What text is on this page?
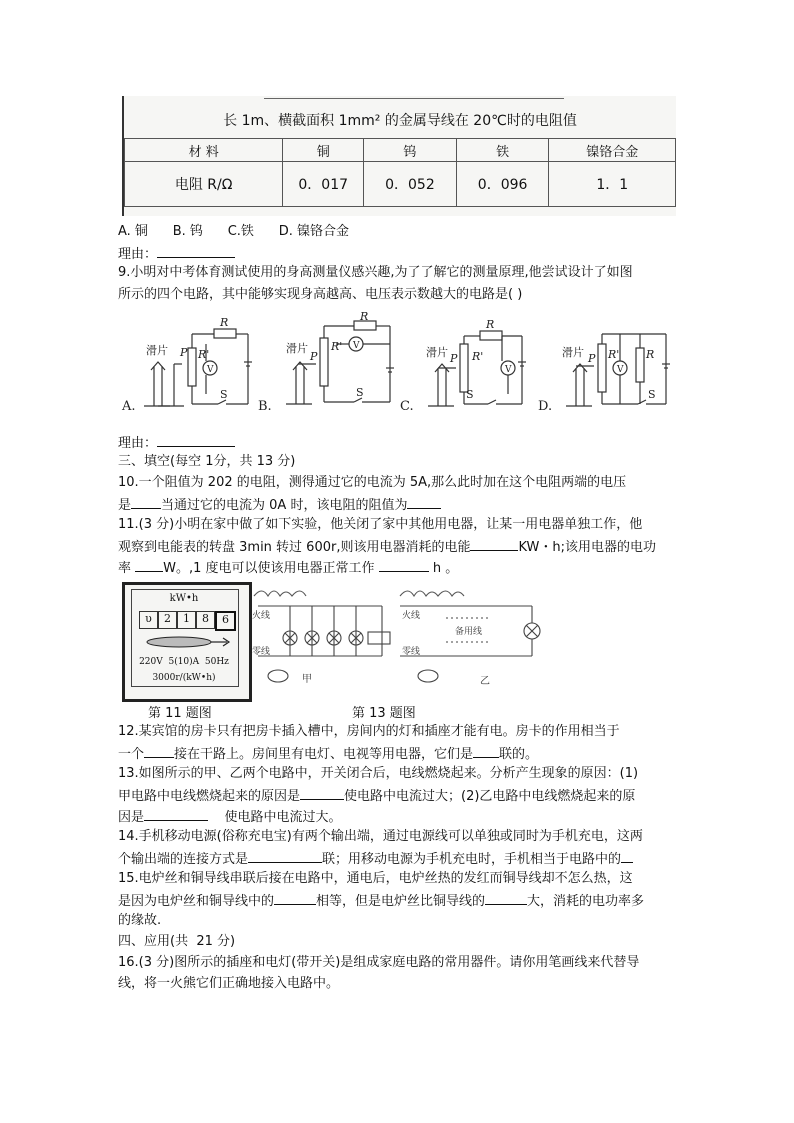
长 1m、横截面积 1mm² 的金属导线在 20℃时的电阻值
材 料	铜	钨	铁	镍铬合金
电阻 R/Ω	0．017	0．052	0．096	1．1
A. 铜      B. 钨      C.铁      D. 镍铬合金
理由：
9.小明对中考体育测试使用的身高测量仪感兴趣,为了了解它的测量原理,他尝试设计了如图
所示的四个电路，其中能够实现身高越高、电压表示数越大的电路是( )
滑片 P R'
R
V
S
A.
滑片
P
R'
R
V
S
B.
滑片 P R'
R
V
S
C.
滑片 P R' R
V
S
D.
理由：
三、填空(每空 1分，共 13 分)
10.一个阻值为 202 的电阻，测得通过它的电流为 5A,那么此时加在这个电阻两端的电压
是 当通过它的电流为 0A 时，该电阻的阻值为
11.(3 分)小明在家中做了如下实验，他关闭了家中其他用电器，让某一用电器单独工作，他
观察到电能表的转盘 3min 转过 600r,则该用电器消耗的电能	KW・h;该用电器的电功
率 W。,1 度电可以使该用电器正常工作	h 。
kW•h
υ	2	1	8	6
220V  5(10)A  50Hz
3000r/(kW•h)
火线
零线
甲
火线
零线
备用线
乙
第 11 题图	第 13 题图
12.某宾馆的房卡只有把房卡插入槽中，房间内的灯和插座才能有电。房卡的作用相当于
一个 接在干路上。房间里有电灯、电视等用电器，它们是 联的。
13.如图所示的甲、乙两个电路中，开关闭合后，电线燃烧起来。分析产生现象的原因：(1)
甲电路中电线燃烧起来的原因是	使电路中电流过大；(2)乙电路中电线燃烧起来的原
因是	使电路中电流过大。
14.手机移动电源(俗称充电宝)有两个输出端，通过电源线可以单独或同时为手机充电，这两
个输出端的连接方式是	联；用移动电源为手机充电时，手机相当于电路中的
15.电炉丝和铜导线串联后接在电路中，通电后，电炉丝热的发红而铜导线却不怎么热，这
是因为电炉丝和铜导线中的	相等，但是电炉丝比铜导线的	大，消耗的电功率多
的缘故.
四、应用(共  21 分)
16.(3 分)图所示的插座和电灯(带开关)是组成家庭电路的常用器件。请你用笔画线来代替导
线，将一火熊它们正确地接入电路中。
